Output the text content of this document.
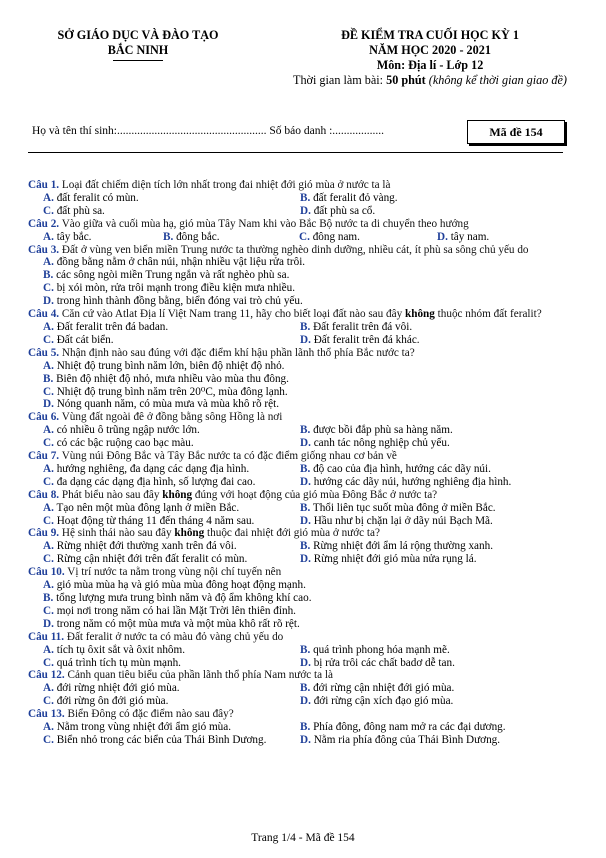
SỞ GIÁO DỤC VÀ ĐÀO TẠO
BẮC NINH
ĐỀ KIỂM TRA CUỐI HỌC KỲ 1
NĂM HỌC 2020 - 2021
Môn: Địa lí - Lớp 12
Thời gian làm bài: 50 phút (không kể thời gian giao đề)
Họ và tên thí sinh:.................................................... Số báo danh :..................	Mã đề 154
Câu 1. Loại đất chiếm diện tích lớn nhất trong đai nhiệt đới gió mùa ở nước ta là
A. đất feralit có mùn.	B. đất feralit đỏ vàng.
C. đất phù sa.	D. đất phù sa cổ.
Câu 2. Vào giữa và cuối mùa hạ, gió mùa Tây Nam khi vào Bắc Bộ nước ta di chuyển theo hướng
A. tây bắc.	B. đông bắc.	C. đông nam.	D. tây nam.
Câu 3. Đất ở vùng ven biển miền Trung nước ta thường nghèo dinh dưỡng, nhiều cát, ít phù sa sông chủ yếu do
A. đồng bằng nằm ở chân núi, nhận nhiều vật liệu rửa trôi.
B. các sông ngòi miền Trung ngắn và rất nghèo phù sa.
C. bị xói mòn, rửa trôi mạnh trong điều kiện mưa nhiều.
D. trong hình thành đồng bằng, biển đóng vai trò chủ yếu.
Câu 4. Căn cứ vào Atlat Địa lí Việt Nam trang 11, hãy cho biết loại đất nào sau đây không thuộc nhóm đất feralit?
A. Đất feralit trên đá badan.	B. Đất feralit trên đá vôi.
C. Đất cát biển.	D. Đất feralit trên đá khác.
Câu 5. Nhận định nào sau đúng với đặc điểm khí hậu phần lãnh thổ phía Bắc nước ta?
A. Nhiệt độ trung bình năm lớn, biên độ nhiệt độ nhỏ.
B. Biên độ nhiệt độ nhỏ, mưa nhiều vào mùa thu đông.
C. Nhiệt độ trung bình năm trên 20⁰C, mùa đông lạnh.
D. Nóng quanh năm, có mùa mưa và mùa khô rõ rệt.
Câu 6. Vùng đất ngoài đê ở đồng bằng sông Hồng là nơi
A. có nhiều ô trũng ngập nước lớn.	B. được bồi đắp phù sa hàng năm.
C. có các bậc ruộng cao bạc màu.	D. canh tác nông nghiệp chủ yếu.
Câu 7. Vùng núi Đông Bắc và Tây Bắc nước ta có đặc điểm giống nhau cơ bản về
A. hướng nghiêng, đa dạng các dạng địa hình.	B. độ cao của địa hình, hướng các dãy núi.
C. đa dạng các dạng địa hình, số lượng đai cao.	D. hướng các dãy núi, hướng nghiêng địa hình.
Câu 8. Phát biểu nào sau đây không đúng với hoạt động của gió mùa Đông Bắc ở nước ta?
A. Tạo nên một mùa đông lạnh ở miền Bắc.	B. Thổi liên tục suốt mùa đông ở miền Bắc.
C. Hoạt động từ tháng 11 đến tháng 4 năm sau.	D. Hầu như bị chặn lại ở dãy núi Bạch Mã.
Câu 9. Hệ sinh thái nào sau đây không thuộc đai nhiệt đới gió mùa ở nước ta?
A. Rừng nhiệt đới thường xanh trên đá vôi.	B. Rừng nhiệt đới ẩm lá rộng thường xanh.
C. Rừng cận nhiệt đới trên đất feralit có mùn.	D. Rừng nhiệt đới gió mùa nửa rụng lá.
Câu 10. Vị trí nước ta nằm trong vùng nội chí tuyến nên
A. gió mùa mùa hạ và gió mùa mùa đông hoạt động mạnh.
B. tổng lượng mưa trung bình năm và độ ẩm không khí cao.
C. mọi nơi trong năm có hai lần Mặt Trời lên thiên đỉnh.
D. trong năm có một mùa mưa và một mùa khô rất rõ rệt.
Câu 11. Đất feralit ở nước ta có màu đỏ vàng chủ yếu do
A. tích tụ ôxit sắt và ôxit nhôm.	B. quá trình phong hóa mạnh mẽ.
C. quá trình tích tụ mùn mạnh.	D. bị rửa trôi các chất badơ dễ tan.
Câu 12. Cảnh quan tiêu biểu của phần lãnh thổ phía Nam nước ta là
A. đới rừng nhiệt đới gió mùa.	B. đới rừng cận nhiệt đới gió mùa.
C. đới rừng ôn đới gió mùa.	D. đới rừng cận xích đạo gió mùa.
Câu 13. Biển Đông có đặc điểm nào sau đây?
A. Nằm trong vùng nhiệt đới ẩm gió mùa.	B. Phía đông, đông nam mở ra các đại dương.
C. Biển nhỏ trong các biển của Thái Bình Dương.	D. Nằm ria phía đông của Thái Bình Dương.
Trang 1/4 - Mã đề 154
